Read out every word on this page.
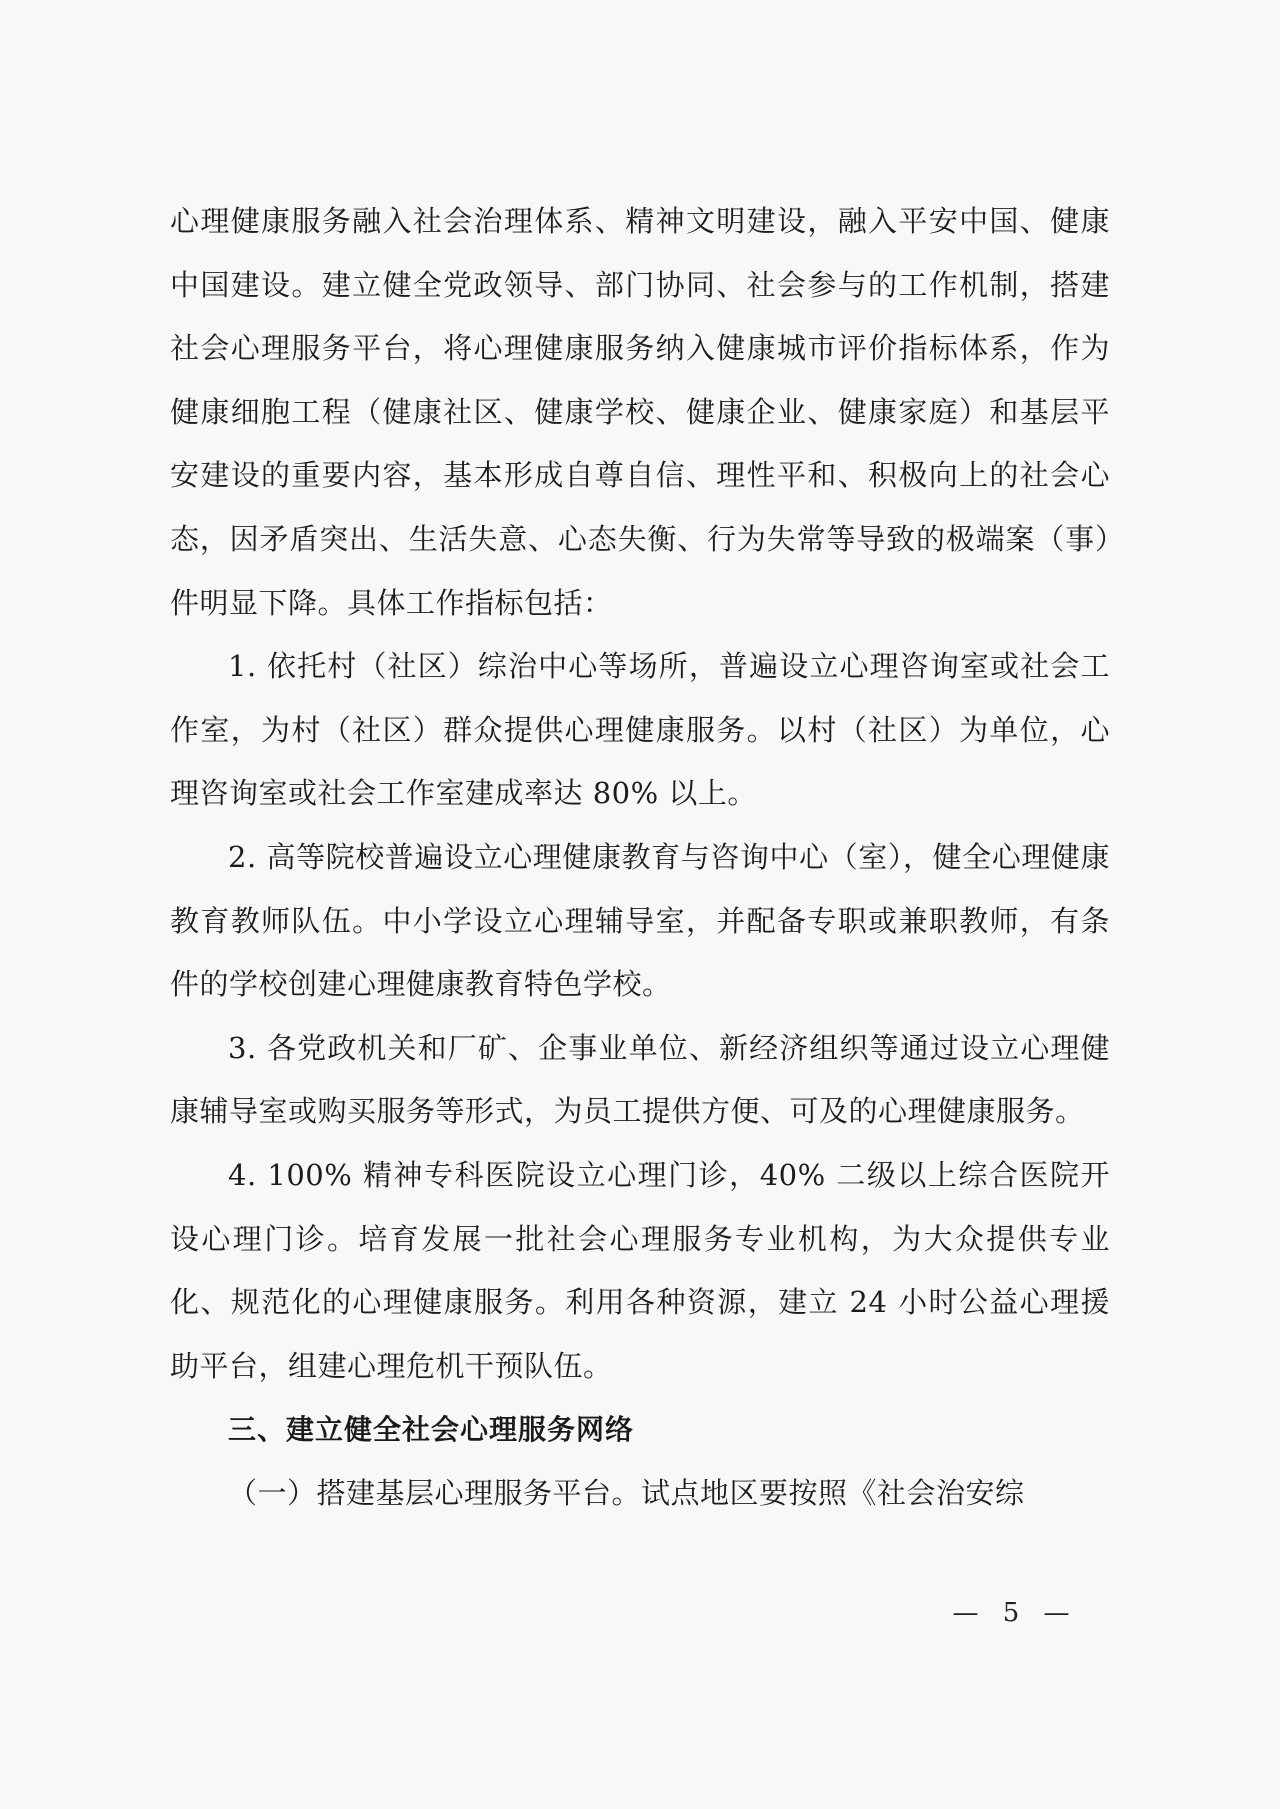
心理健康服务融入社会治理体系、精神文明建设，融入平安中国、健康中国建设。建立健全党政领导、部门协同、社会参与的工作机制，搭建社会心理服务平台，将心理健康服务纳入健康城市评价指标体系，作为健康细胞工程（健康社区、健康学校、健康企业、健康家庭）和基层平安建设的重要内容，基本形成自尊自信、理性平和、积极向上的社会心态，因矛盾突出、生活失意、心态失衡、行为失常等导致的极端案（事）件明显下降。具体工作指标包括：

1. 依托村（社区）综治中心等场所，普遍设立心理咨询室或社会工作室，为村（社区）群众提供心理健康服务。以村（社区）为单位，心理咨询室或社会工作室建成率达 80% 以上。

2. 高等院校普遍设立心理健康教育与咨询中心（室），健全心理健康教育教师队伍。中小学设立心理辅导室，并配备专职或兼职教师，有条件的学校创建心理健康教育特色学校。

3. 各党政机关和厂矿、企事业单位、新经济组织等通过设立心理健康辅导室或购买服务等形式，为员工提供方便、可及的心理健康服务。

4. 100% 精神专科医院设立心理门诊，40% 二级以上综合医院开设心理门诊。培育发展一批社会心理服务专业机构，为大众提供专业化、规范化的心理健康服务。利用各种资源，建立 24 小时公益心理援助平台，组建心理危机干预队伍。

三、建立健全社会心理服务网络

（一）搭建基层心理服务平台。试点地区要按照《社会治安综

— 5 —
